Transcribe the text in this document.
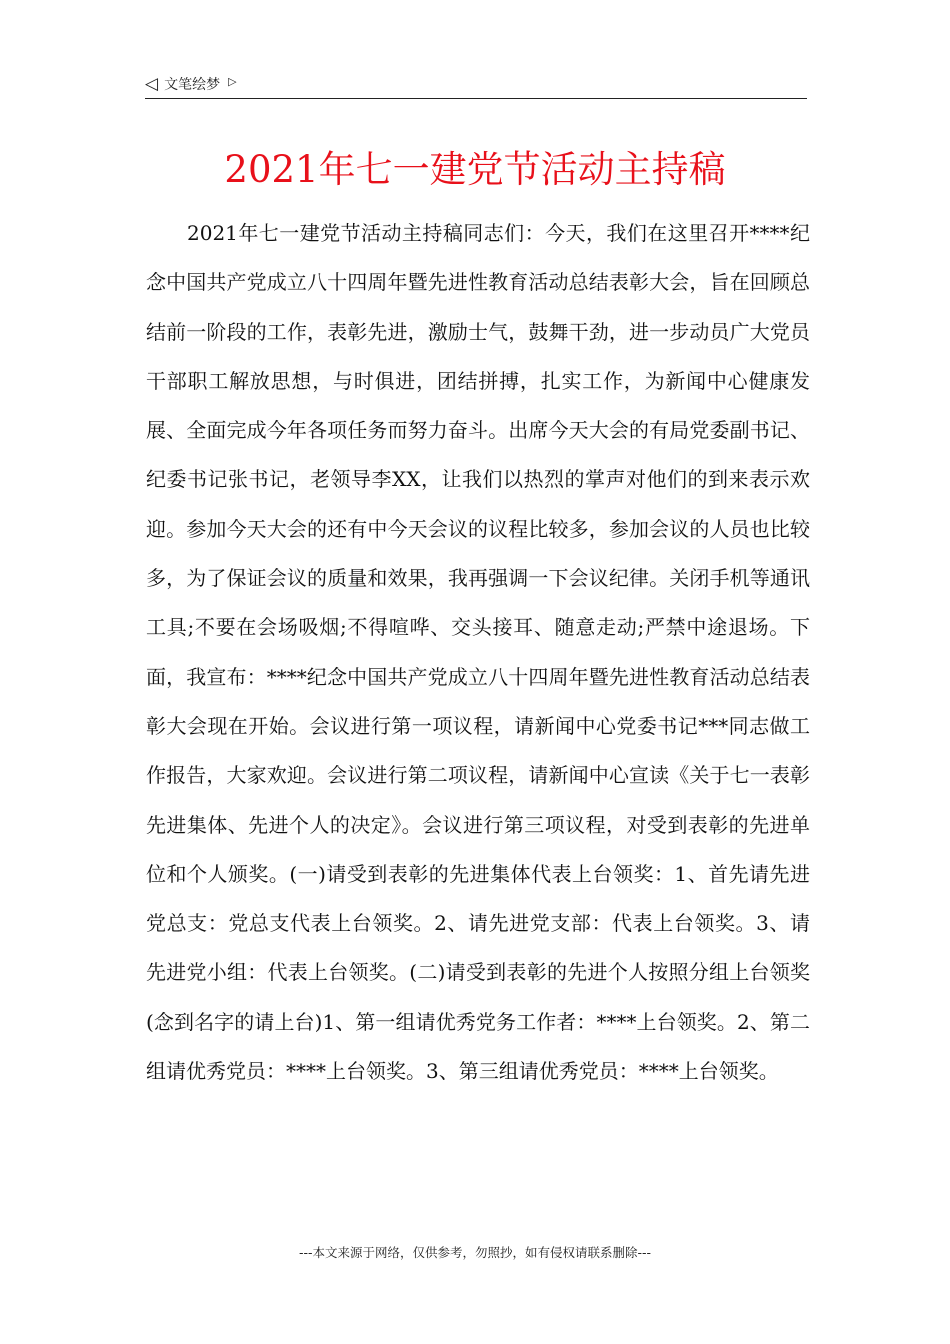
◁ 文笔绘梦 ▷
2021年七一建党节活动主持稿

2021年七一建党节活动主持稿同志们：今天，我们在这里召开****纪念中国共产党成立八十四周年暨先进性教育活动总结表彰大会，旨在回顾总结前一阶段的工作，表彰先进，激励士气，鼓舞干劲，进一步动员广大党员干部职工解放思想，与时俱进，团结拼搏，扎实工作，为新闻中心健康发展、全面完成今年各项任务而努力奋斗。出席今天大会的有局党委副书记、纪委书记张书记，老领导李XX，让我们以热烈的掌声对他们的到来表示欢迎。参加今天大会的还有中今天会议的议程比较多，参加会议的人员也比较多，为了保证会议的质量和效果，我再强调一下会议纪律。关闭手机等通讯工具;不要在会场吸烟;不得喧哗、交头接耳、随意走动;严禁中途退场。下面，我宣布：****纪念中国共产党成立八十四周年暨先进性教育活动总结表彰大会现在开始。会议进行第一项议程，请新闻中心党委书记***同志做工作报告，大家欢迎。会议进行第二项议程，请新闻中心宣读《关于七一表彰先进集体、先进个人的决定》。会议进行第三项议程，对受到表彰的先进单位和个人颁奖。(一)请受到表彰的先进集体代表上台领奖：1、首先请先进党总支：党总支代表上台领奖。2、请先进党支部：代表上台领奖。3、请先进党小组：代表上台领奖。(二)请受到表彰的先进个人按照分组上台领奖(念到名字的请上台)1、第一组请优秀党务工作者：****上台领奖。2、第二组请优秀党员：****上台领奖。3、第三组请优秀党员：****上台领奖。

---本文来源于网络，仅供参考，勿照抄，如有侵权请联系删除---
